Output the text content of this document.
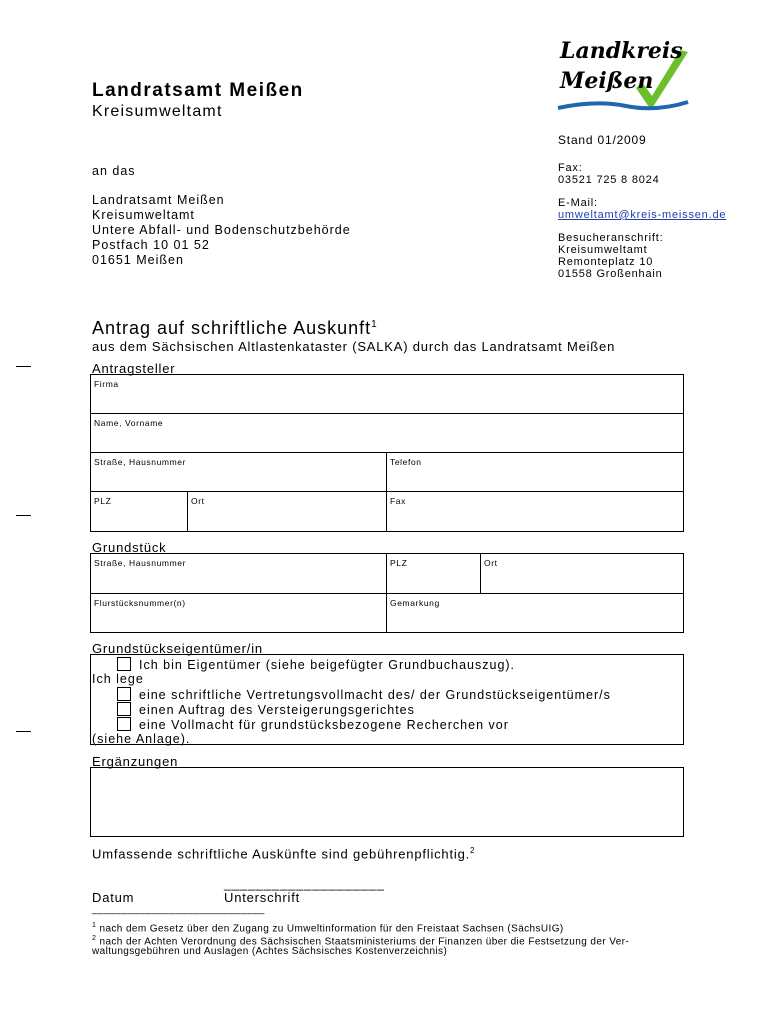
Landkreis
Meißen
Landratsamt Meißen
Kreisumweltamt
Stand 01/2009
Fax:
03521 725 8 8024
E-Mail:
umweltamt@kreis-meissen.de
Besucheranschrift:
Kreisumweltamt
Remonteplatz 10
01558 Großenhain
an das
Landratsamt Meißen
Kreisumweltamt
Untere Abfall- und Bodenschutzbehörde
Postfach 10 01 52
01651 Meißen
Antrag auf schriftliche Auskunft$^1$
aus dem Sächsischen Altlastenkataster (SALKA) durch das Landratsamt Meißen
Antragsteller
Firma
Name, Vorname
Straße, Hausnummer	Telefon
PLZ	Ort	Fax
Grundstück
Straße, Hausnummer	PLZ	Ort
Flurstücksnummer(n)	Gemarkung
Grundstückseigentümer/in
Ich bin Eigentümer (siehe beigefügter Grundbuchauszug).
Ich lege
eine schriftliche Vertretungsvollmacht des/ der Grundstückseigentümer/s
einen Auftrag des Versteigerungsgerichtes
eine Vollmacht für grundstücksbezogene Recherchen vor
(siehe Anlage).
Ergänzungen
Umfassende schriftliche Auskünfte sind gebührenpflichtig.$^2$
____________________
Datum	Unterschrift
_____________________________
$^1$ nach dem Gesetz über den Zugang zu Umweltinformation für den Freistaat Sachsen (SächsUIG)
$^2$ nach der Achten Verordnung des Sächsischen Staatsministeriums der Finanzen über die Festsetzung der Ver-
waltungsgebühren und Auslagen (Achtes Sächsisches Kostenverzeichnis)
